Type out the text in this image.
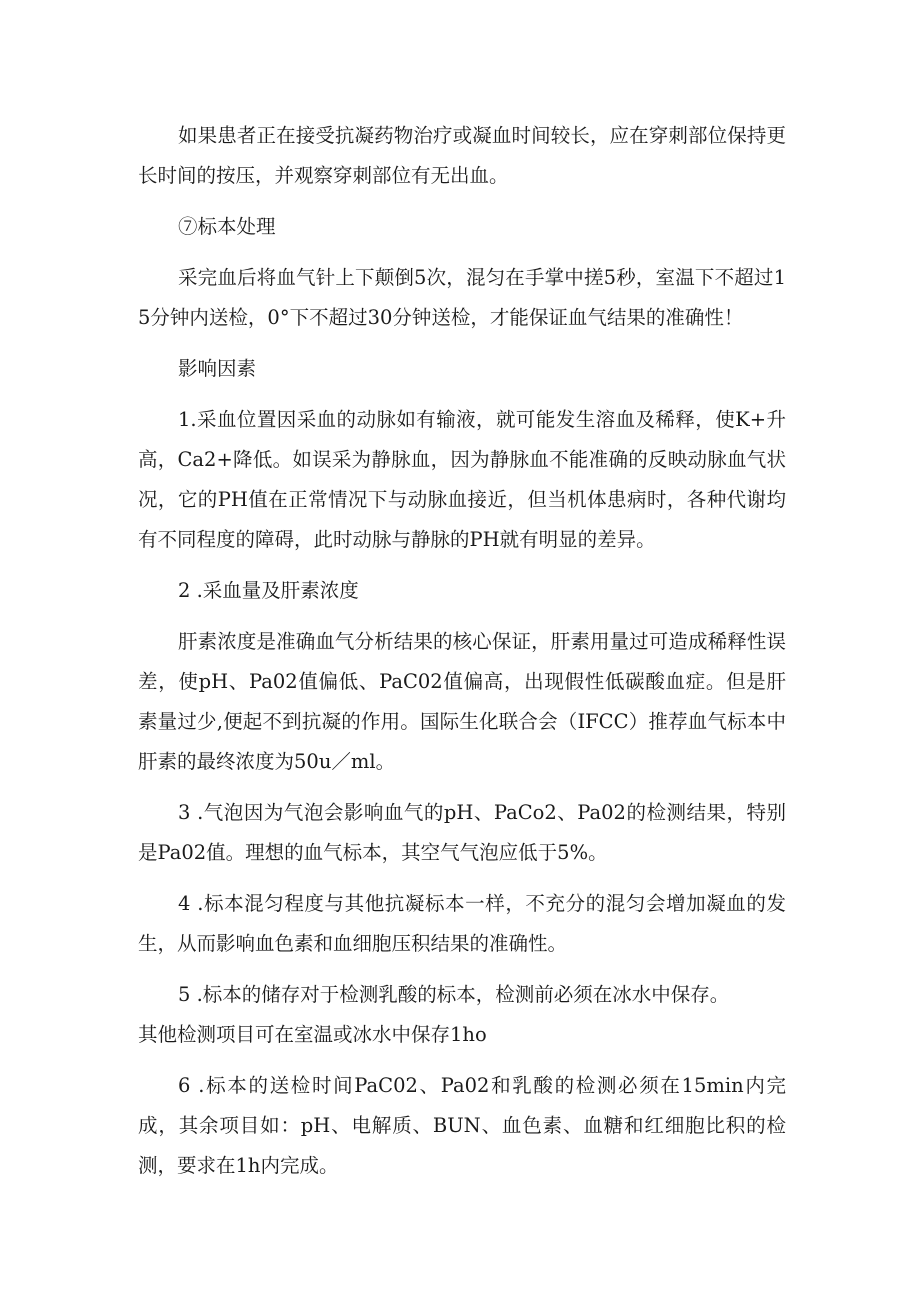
如果患者正在接受抗凝药物治疗或凝血时间较长，应在穿刺部位保持更长时间的按压，并观察穿刺部位有无出血。

⑦标本处理

采完血后将血气针上下颠倒5次，混匀在手掌中搓5秒，室温下不超过15分钟内送检，0°下不超过30分钟送检，才能保证血气结果的准确性！

影响因素

1.采血位置因采血的动脉如有输液，就可能发生溶血及稀释，使K+升高，Ca2+降低。如误采为静脉血，因为静脉血不能准确的反映动脉血气状况，它的PH值在正常情况下与动脉血接近，但当机体患病时，各种代谢均有不同程度的障碍，此时动脉与静脉的PH就有明显的差异。

2 .采血量及肝素浓度

肝素浓度是准确血气分析结果的核心保证，肝素用量过可造成稀释性误差，使pH、Pa02值偏低、PaC02值偏高，出现假性低碳酸血症。但是肝素量过少,便起不到抗凝的作用。国际生化联合会（IFCC）推荐血气标本中肝素的最终浓度为50u／ml。

3 .气泡因为气泡会影响血气的pH、PaCo2、Pa02的检测结果，特别是Pa02值。理想的血气标本，其空气气泡应低于5%。

4 .标本混匀程度与其他抗凝标本一样，不充分的混匀会增加凝血的发生，从而影响血色素和血细胞压积结果的准确性。

5 .标本的储存对于检测乳酸的标本，检测前必须在冰水中保存。

其他检测项目可在室温或冰水中保存1ho

6 .标本的送检时间PaC02、Pa02和乳酸的检测必须在15min内完成，其余项目如：pH、电解质、BUN、血色素、血糖和红细胞比积的检测，要求在1h内完成。
